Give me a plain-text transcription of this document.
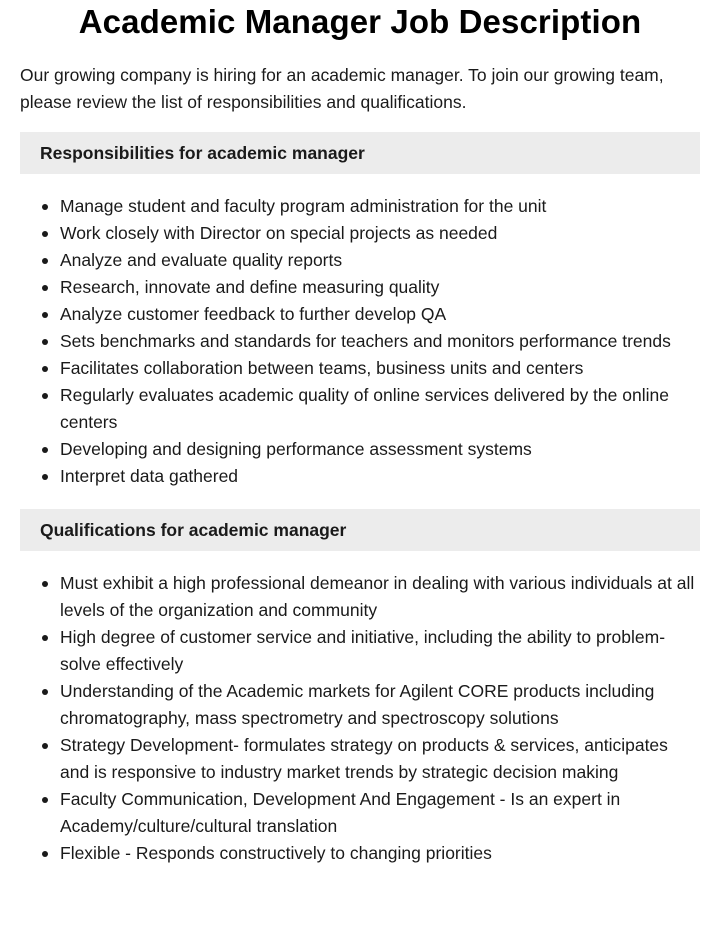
Academic Manager Job Description

Our growing company is hiring for an academic manager. To join our growing team, please review the list of responsibilities and qualifications.

Responsibilities for academic manager
Manage student and faculty program administration for the unit
Work closely with Director on special projects as needed
Analyze and evaluate quality reports
Research, innovate and define measuring quality
Analyze customer feedback to further develop QA
Sets benchmarks and standards for teachers and monitors performance trends
Facilitates collaboration between teams, business units and centers
Regularly evaluates academic quality of online services delivered by the online centers
Developing and designing performance assessment systems
Interpret data gathered
Qualifications for academic manager
Must exhibit a high professional demeanor in dealing with various individuals at all levels of the organization and community
High degree of customer service and initiative, including the ability to problem-solve effectively
Understanding of the Academic markets for Agilent CORE products including chromatography, mass spectrometry and spectroscopy solutions
Strategy Development- formulates strategy on products & services, anticipates and is responsive to industry market trends by strategic decision making
Faculty Communication, Development And Engagement - Is an expert in Academy/culture/cultural translation
Flexible - Responds constructively to changing priorities
